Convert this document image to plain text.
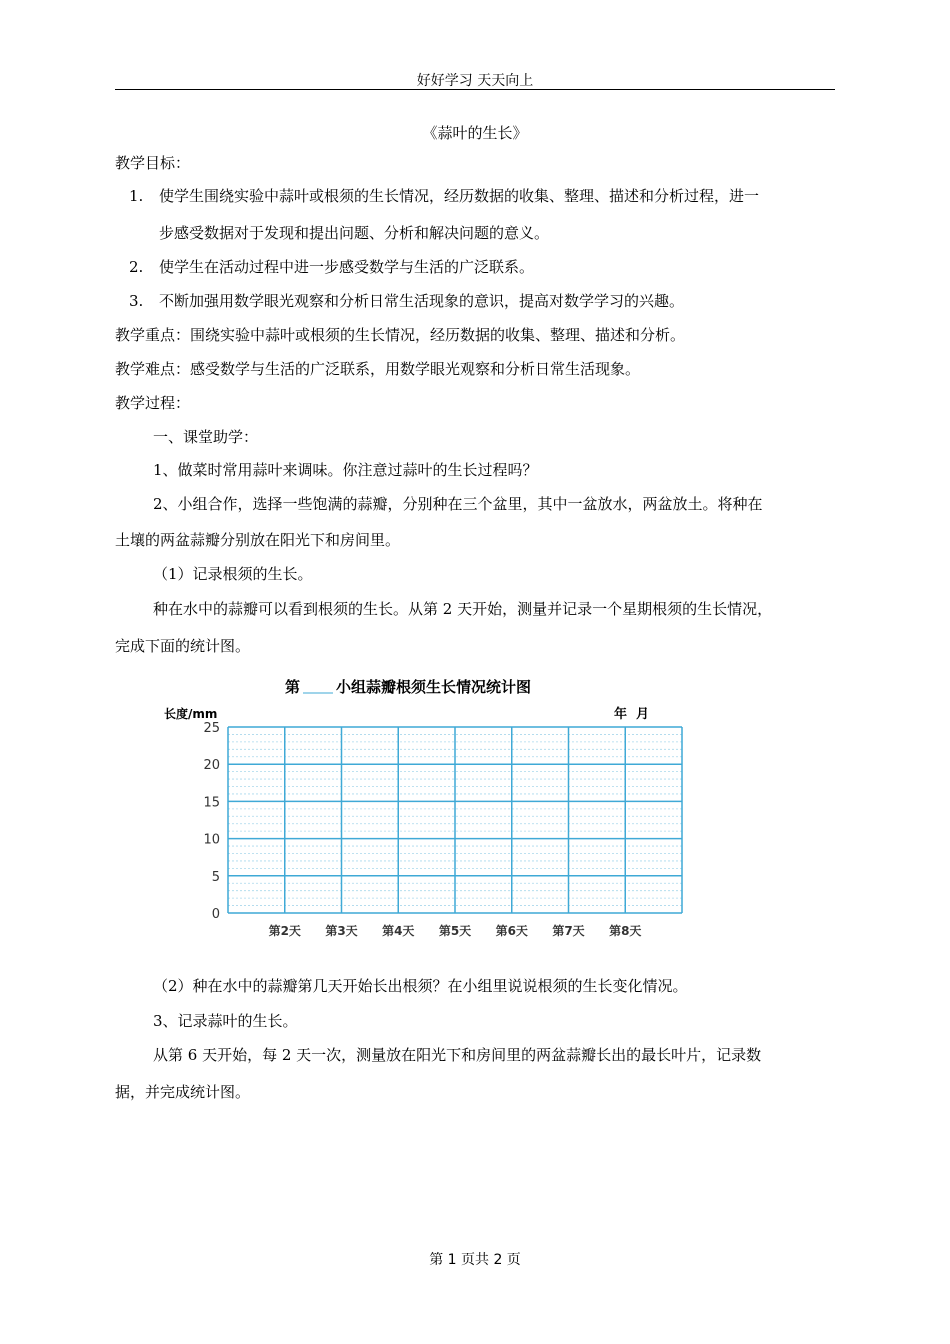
好好学习 天天向上
《蒜叶的生长》
教学目标：
1. 使学生围绕实验中蒜叶或根须的生长情况，经历数据的收集、整理、描述和分析过程，进一
步感受数据对于发现和提出问题、分析和解决问题的意义。
2. 使学生在活动过程中进一步感受数学与生活的广泛联系。
3. 不断加强用数学眼光观察和分析日常生活现象的意识，提高对数学学习的兴趣。
教学重点：围绕实验中蒜叶或根须的生长情况，经历数据的收集、整理、描述和分析。
教学难点：感受数学与生活的广泛联系，用数学眼光观察和分析日常生活现象。
教学过程：
一、课堂助学：
1、做菜时常用蒜叶来调味。你注意过蒜叶的生长过程吗？
2、小组合作，选择一些饱满的蒜瓣，分别种在三个盆里，其中一盆放水，两盆放土。将种在
土壤的两盆蒜瓣分别放在阳光下和房间里。
（1）记录根须的生长。
种在水中的蒜瓣可以看到根须的生长。从第 2 天开始，测量并记录一个星期根须的生长情况，
完成下面的统计图。
第 小组蒜瓣根须生长情况统计图
长度/mm	年  月
0
5
10
15
20
25
第2天 第3天 第4天 第5天 第6天 第7天 第8天
（2）种在水中的蒜瓣第几天开始长出根须？在小组里说说根须的生长变化情况。
3、记录蒜叶的生长。
从第 6 天开始，每 2 天一次，测量放在阳光下和房间里的两盆蒜瓣长出的最长叶片，记录数
据，并完成统计图。
第 1 页共 2 页
